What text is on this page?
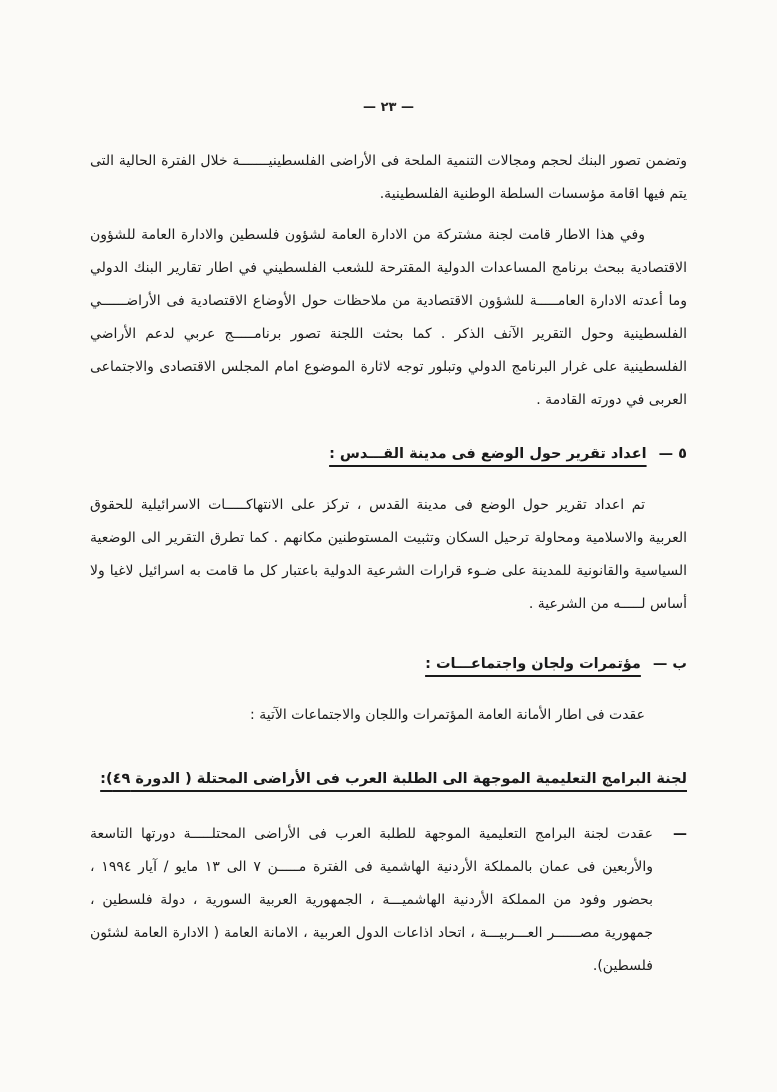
— ٢٣ —

وتضمن تصور البنك لحجم ومجالات التنمية الملحة فى الأراضى الفلسطينيـــــــة خلال الفترة الحالية التى يتم فيها اقامة مؤسسات السلطة الوطنية الفلسطينية.

وفي هذا الاطار قامت لجنة مشتركة من الادارة العامة لشؤون فلسطين والادارة العامة للشؤون الاقتصادية ببحث برنامج المساعدات الدولية المقترحة للشعب الفلسطيني في اطار تقارير البنك الدولي وما أعدته الادارة العامـــــة للشؤون الاقتصادية من ملاحظات حول الأوضاع الاقتصادية فى الأراضــــــي الفلسطينية وحول التقرير الآنف الذكر . كما بحثت اللجنة تصور برنامـــــج عربي لدعم الأراضي الفلسطينية على غرار البرنامج الدولي وتبلور توجه لاثارة الموضوع امام المجلس الاقتصادى والاجتماعى العربى في دورته القادمة .

٥ —
اعداد تقرير حول الوضع فى مدينة القـــدس :

تم اعداد تقرير حول الوضع فى مدينة القدس ، تركز على الانتهاكـــــات الاسرائيلية للحقوق العربية والاسلامية ومحاولة ترحيل السكان وتثبيت المستوطنين مكانهم . كما تطرق التقرير الى الوضعية السياسية والقانونية للمدينة على ضـوء قرارات الشرعية الدولية باعتبار كل ما قامت به اسرائيل لاغيا ولا أساس لـــــه من الشرعية .

ب —
مؤتمرات ولجان واجتماعـــات :

عقدت فى اطار الأمانة العامة المؤتمرات واللجان والاجتماعات الآتية :

لجنة البرامج التعليمية الموجهة الى الطلبة العرب فى الأراضى المحتلة ( الدورة ٤٩):

—

عقدت لجنة البرامج التعليمية الموجهة للطلبة العرب فى الأراضى المحتلـــــة دورتها التاسعة والأربعين فى عمان بالمملكة الأردنية الهاشمية فى الفترة مـــــن ٧ الى ١٣ مايو / آيار ١٩٩٤ ، بحضور وفود من المملكة الأردنية الهاشميـــة ، الجمهورية العربية السورية ، دولة فلسطين ، جمهورية مصــــــر العـــربيـــة ، اتحاد اذاعات الدول العربية ، الامانة العامة ( الادارة العامة لشئون فلسطين).
